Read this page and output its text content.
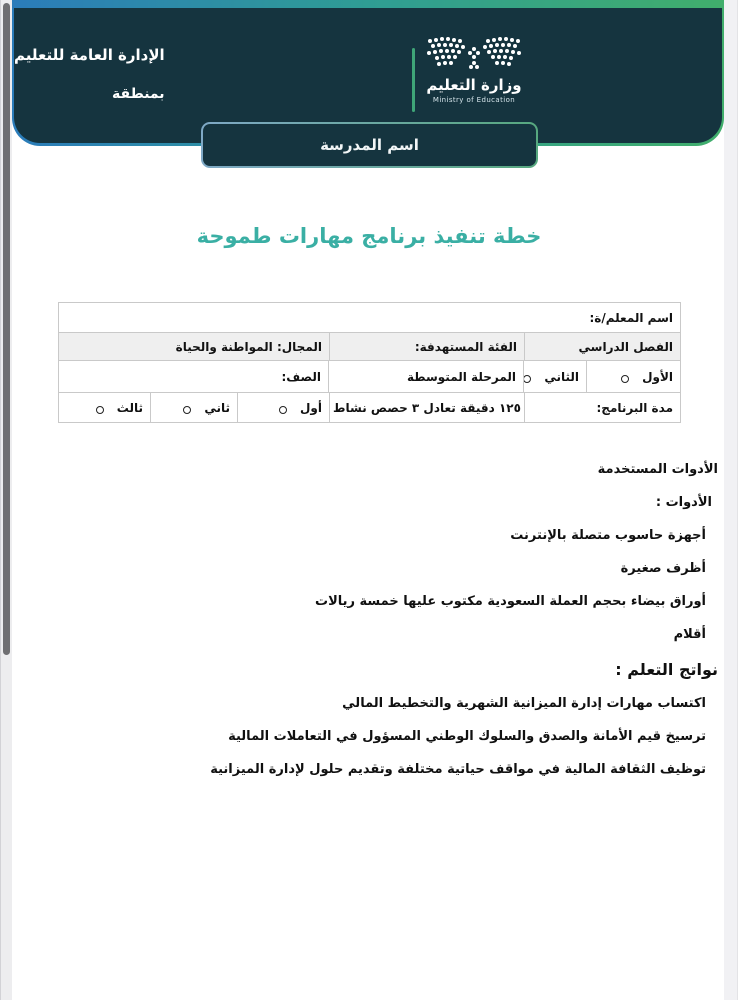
وزارة التعليم
Ministry of Education
الإدارة العامة للتعليم
بمنطقة
اسم المدرسة
خطة تنفيذ برنامج مهارات طموحة
اسم المعلم/ة:
الفصل الدراسي
الفئة المستهدفة:
المجال: المواطنة والحياة
الأول
الثاني
المرحلة المتوسطة
الصف:
مدة البرنامج:
١٢٥ دقيقة تعادل ٣ حصص نشاط
أول
ثاني
ثالث
الأدوات المستخدمة
الأدوات :
أجهزة حاسوب متصلة بالإنترنت
أظرف صغيرة
أوراق بيضاء بحجم العملة السعودية مكتوب عليها خمسة ريالات
أقلام
نواتج التعلم :
اكتساب مهارات إدارة الميزانية الشهرية والتخطيط المالي
ترسيخ قيم الأمانة والصدق والسلوك الوطني المسؤول في التعاملات المالية
توظيف الثقافة المالية في مواقف حياتية مختلفة وتقديم حلول لإدارة الميزانية
